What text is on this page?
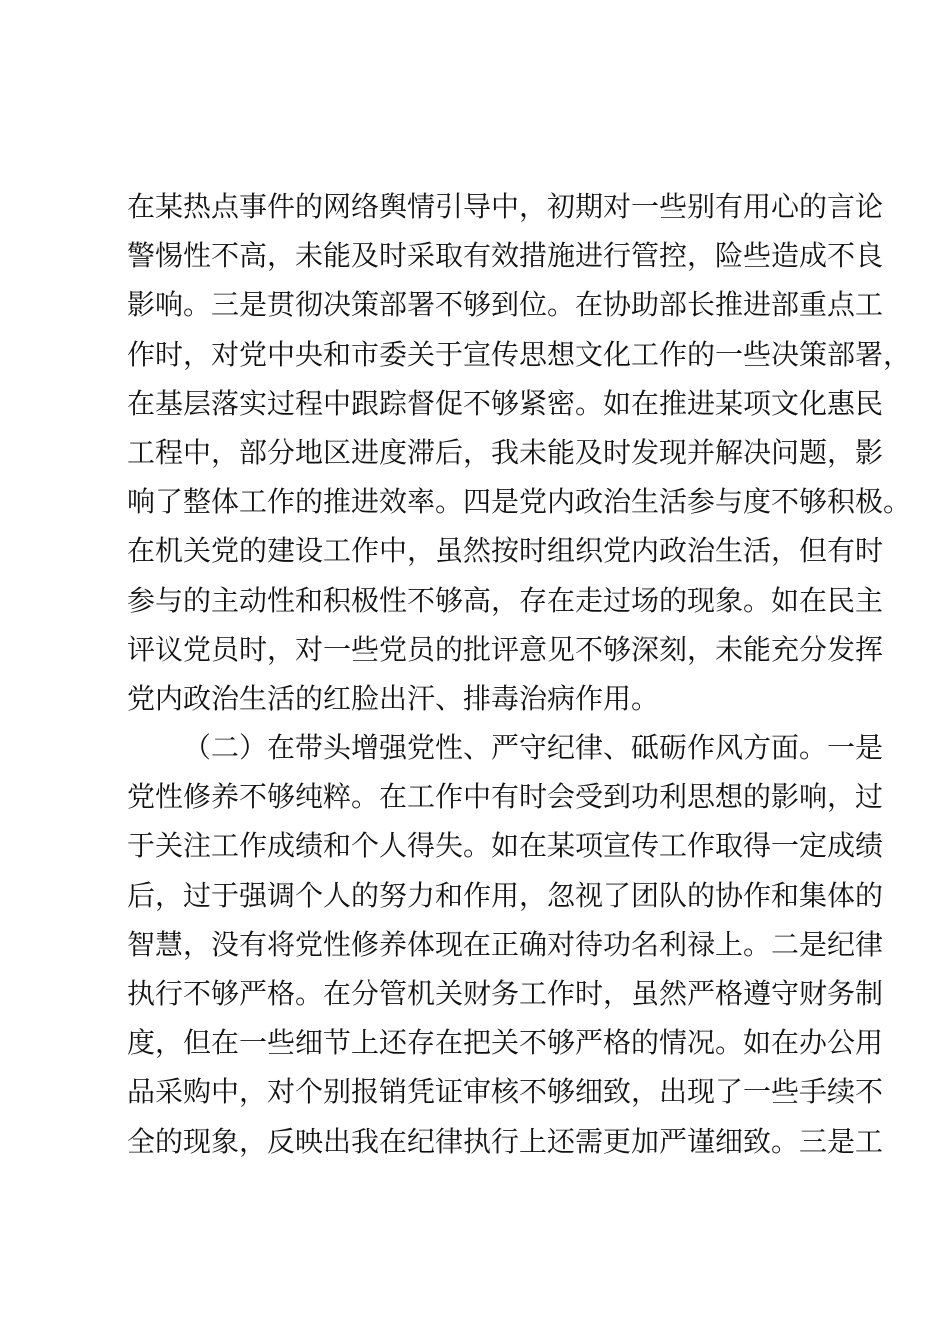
在某热点事件的网络舆情引导中，初期对一些别有用心的言论
警惕性不高，未能及时采取有效措施进行管控，险些造成不良
影响。三是贯彻决策部署不够到位。在协助部长推进部重点工
作时，对党中央和市委关于宣传思想文化工作的一些决策部署，
在基层落实过程中跟踪督促不够紧密。如在推进某项文化惠民
工程中，部分地区进度滞后，我未能及时发现并解决问题，影
响了整体工作的推进效率。四是党内政治生活参与度不够积极。
在机关党的建设工作中，虽然按时组织党内政治生活，但有时
参与的主动性和积极性不够高，存在走过场的现象。如在民主
评议党员时，对一些党员的批评意见不够深刻，未能充分发挥
党内政治生活的红脸出汗、排毒治病作用。
（二）在带头增强党性、严守纪律、砥砺作风方面。一是
党性修养不够纯粹。在工作中有时会受到功利思想的影响，过
于关注工作成绩和个人得失。如在某项宣传工作取得一定成绩
后，过于强调个人的努力和作用，忽视了团队的协作和集体的
智慧，没有将党性修养体现在正确对待功名利禄上。二是纪律
执行不够严格。在分管机关财务工作时，虽然严格遵守财务制
度，但在一些细节上还存在把关不够严格的情况。如在办公用
品采购中，对个别报销凭证审核不够细致，出现了一些手续不
全的现象，反映出我在纪律执行上还需更加严谨细致。三是工
